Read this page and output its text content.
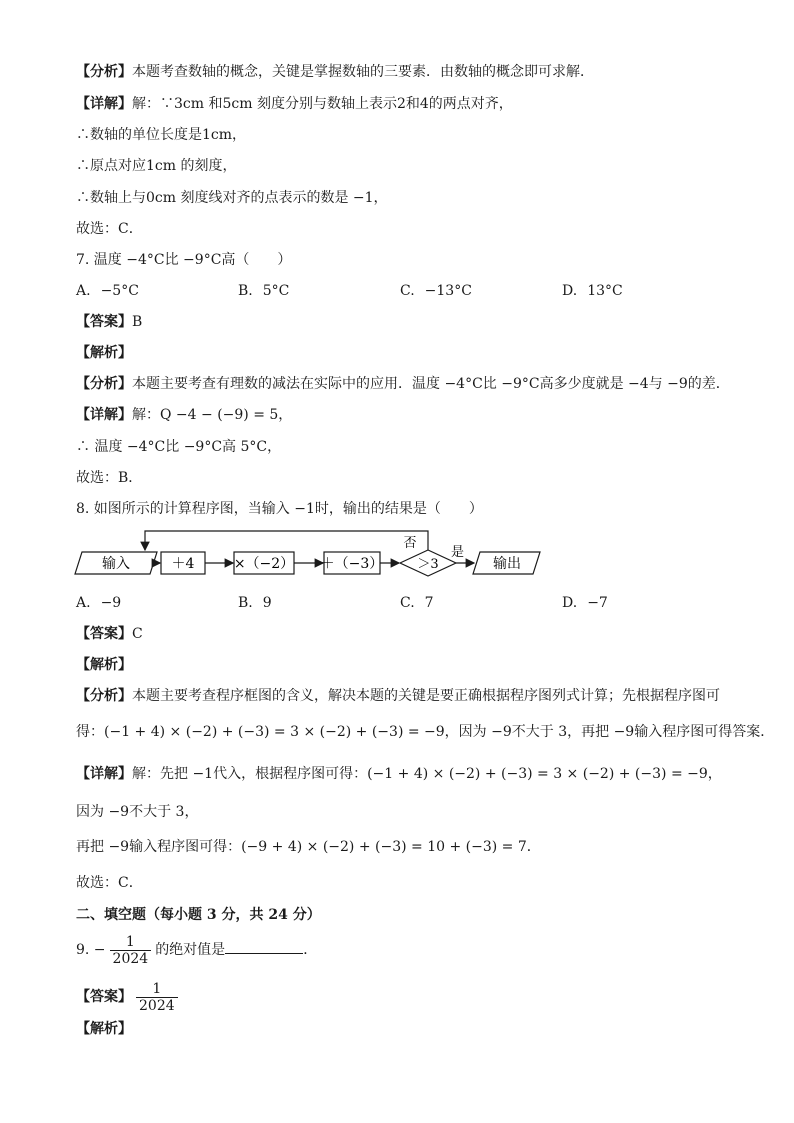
【分析】本题考查数轴的概念，关键是掌握数轴的三要素．由数轴的概念即可求解．
【详解】解：∵3cm 和5cm 刻度分别与数轴上表示2和4的两点对齐，
∴数轴的单位长度是1cm，
∴原点对应1cm 的刻度，
∴数轴上与0cm 刻度线对齐的点表示的数是 −1，
故选：C．
7. 温度 −4°C比 −9°C高（　　）
A. −5°C	B. 5°C	C. −13°C	D. 13°C
【答案】B
【解析】
【分析】本题主要考查有理数的减法在实际中的应用．温度 −4°C比 −9°C高多少度就是 −4与 −9的差．
【详解】解：Q −4 − (−9) = 5，
∴ 温度 −4°C比 −9°C高 5°C，
故选：B．
8. 如图所示的计算程序图，当输入 −1时，输出的结果是（　　）
输入	＋4	×（−2） ＋（−3）	＞3
否
是
输出
A. −9	B. 9	C. 7	D. −7
【答案】C
【解析】
【分析】本题主要考查程序框图的含义，解决本题的关键是要正确根据程序图列式计算；先根据程序图可
得：(−1 + 4) × (−2) + (−3) = 3 × (−2) + (−3) = −9，因为 −9不大于 3，再把 −9输入程序图可得答案．
【详解】解：先把 −1代入，根据程序图可得：(−1 + 4) × (−2) + (−3) = 3 × (−2) + (−3) = −9，
因为 −9不大于 3，
再把 −9输入程序图可得：(−9 + 4) × (−2) + (−3) = 10 + (−3) = 7．
故选：C．
二、填空题（每小题 3 分，共 24 分）
9. − $\frac{1}{2024}$ 的绝对值是	．
【答案】 $\frac{1}{2024}$
【解析】
